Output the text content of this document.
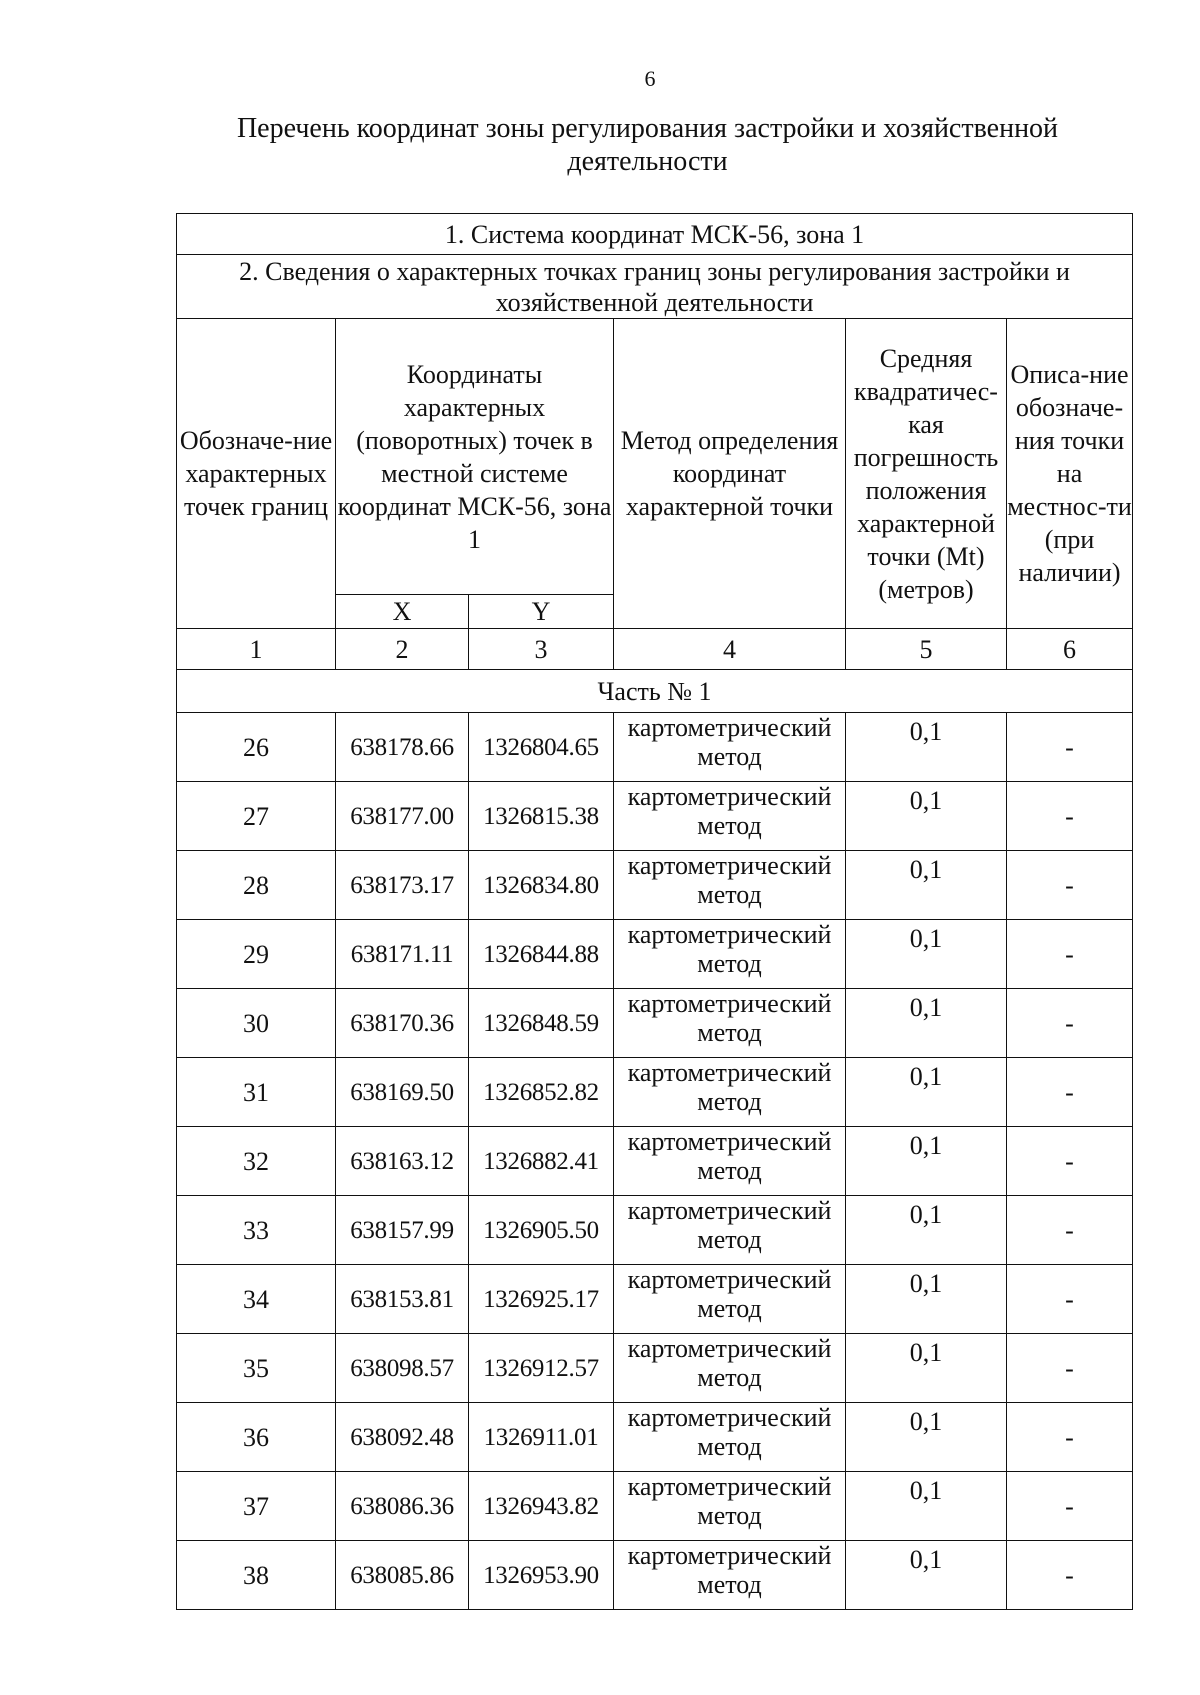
6
Перечень координат зоны регулирования застройки и хозяйственной деятельности
1. Система координат МСК-56, зона 1					
2. Сведения о характерных точках границ зоны регулирования застройки и хозяйственной деятельности					
Обозначе-ние характерных точек границ	Координаты характерных (поворотных) точек в местной системе координат МСК-56, зона 1		Метод определения координат характерной точки	Средняя квадратичес-кая погрешность положения характерной точки (Mt) (метров)	Описа-ние обозначе-ния точки на местнос-ти (при наличии)
	X	Y			
1	2	3	4	5	6
Часть № 1					
26	638178.66	1326804.65	картометрический метод	0,1	-
27	638177.00	1326815.38	картометрический метод	0,1	-
28	638173.17	1326834.80	картометрический метод	0,1	-
29	638171.11	1326844.88	картометрический метод	0,1	-
30	638170.36	1326848.59	картометрический метод	0,1	-
31	638169.50	1326852.82	картометрический метод	0,1	-
32	638163.12	1326882.41	картометрический метод	0,1	-
33	638157.99	1326905.50	картометрический метод	0,1	-
34	638153.81	1326925.17	картометрический метод	0,1	-
35	638098.57	1326912.57	картометрический метод	0,1	-
36	638092.48	1326911.01	картометрический метод	0,1	-
37	638086.36	1326943.82	картометрический метод	0,1	-
38	638085.86	1326953.90	картометрический метод	0,1	-
